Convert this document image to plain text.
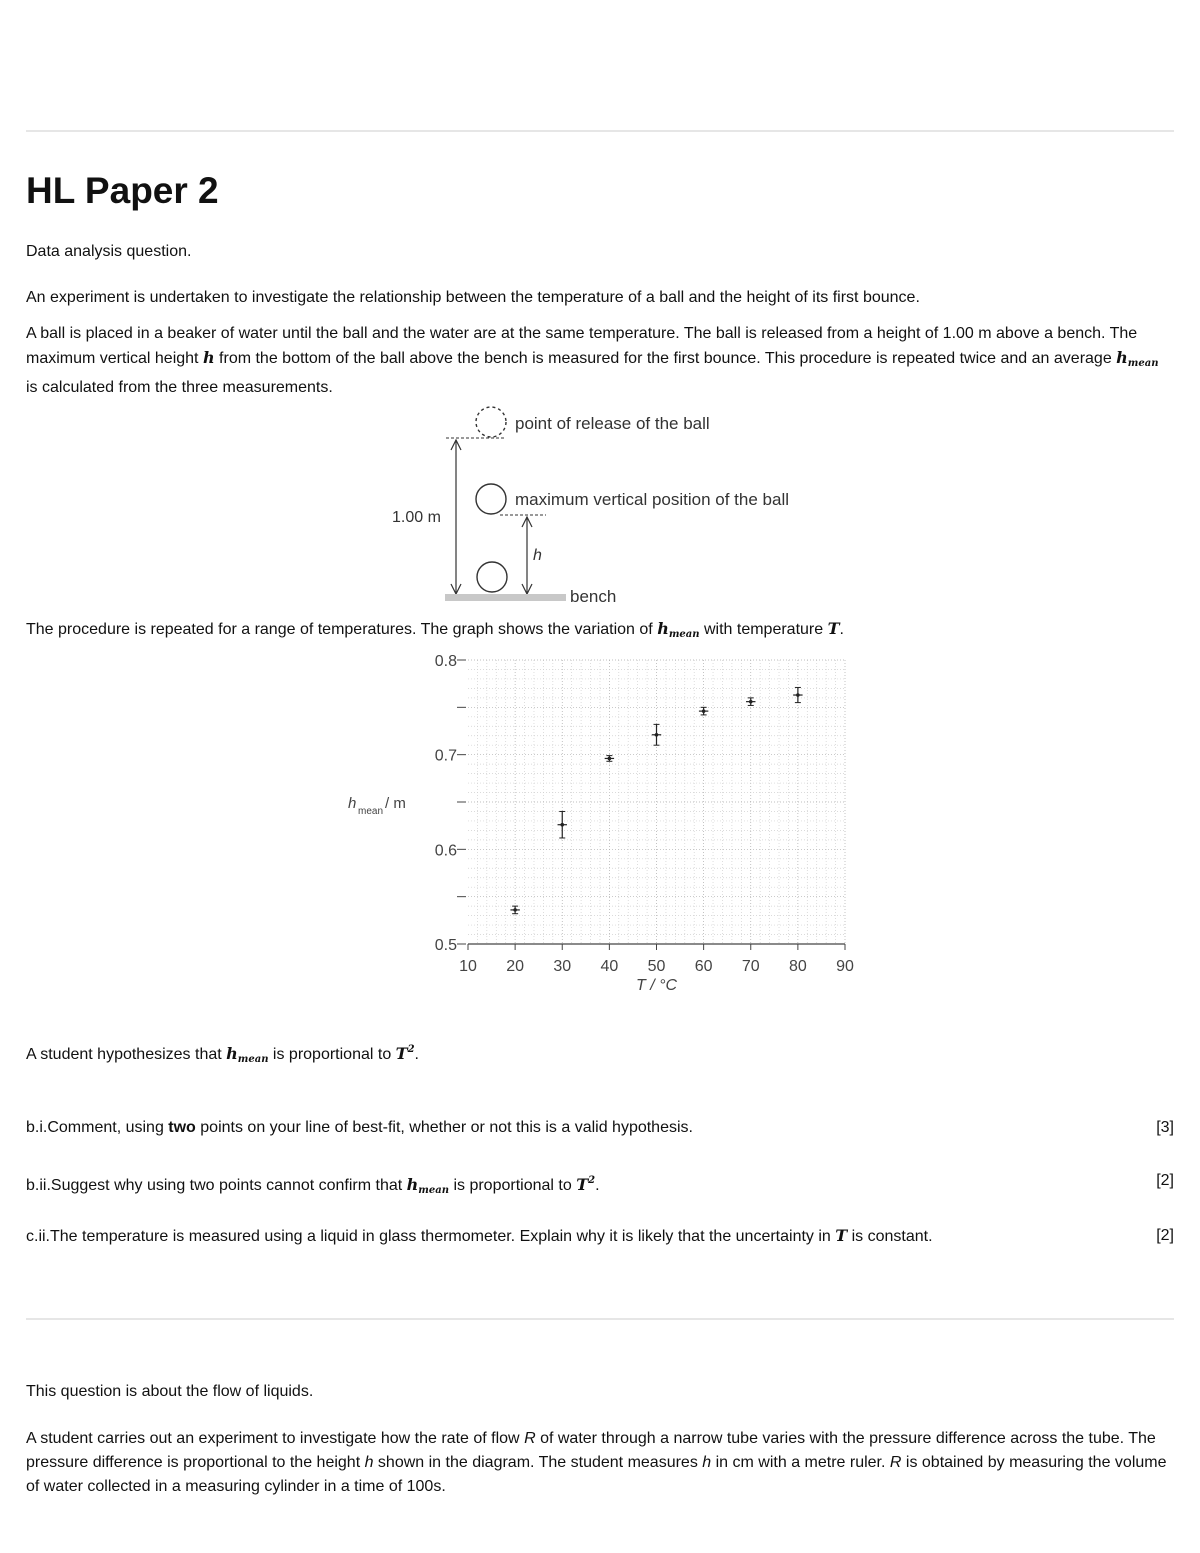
HL Paper 2

Data analysis question.

An experiment is undertaken to investigate the relationship between the temperature of a ball and the height of its first bounce.

A ball is placed in a beaker of water until the ball and the water are at the same temperature. The ball is released from a height of 1.00 m above a bench. The maximum vertical height h from the bottom of the ball above the bench is measured for the first bounce. This procedure is repeated twice and an average $h_{mean}$ is calculated from the three measurements.

point of release of the ball
maximum vertical position of the ball
1.00 m
h
bench

The procedure is repeated for a range of temperatures. The graph shows the variation of $h_{mean}$ with temperature T.

10 20 30 40 50 60 70 80 90
0.5
0.6
0.7
0.8
h mean / m
T / °C

A student hypothesizes that $h_{mean}$ is proportional to $T^2$.

b.i.Comment, using two points on your line of best-fit, whether or not this is a valid hypothesis.	[3]
b.ii.Suggest why using two points cannot confirm that $h_{mean}$ is proportional to $T^2$.	[2]
c.ii.The temperature is measured using a liquid in glass thermometer. Explain why it is likely that the uncertainty in T is constant.	[2]

This question is about the flow of liquids.

A student carries out an experiment to investigate how the rate of flow R of water through a narrow tube varies with the pressure difference across the tube. The pressure difference is proportional to the height h shown in the diagram. The student measures h in cm with a metre ruler. R is obtained by measuring the volume of water collected in a measuring cylinder in a time of 100s.
